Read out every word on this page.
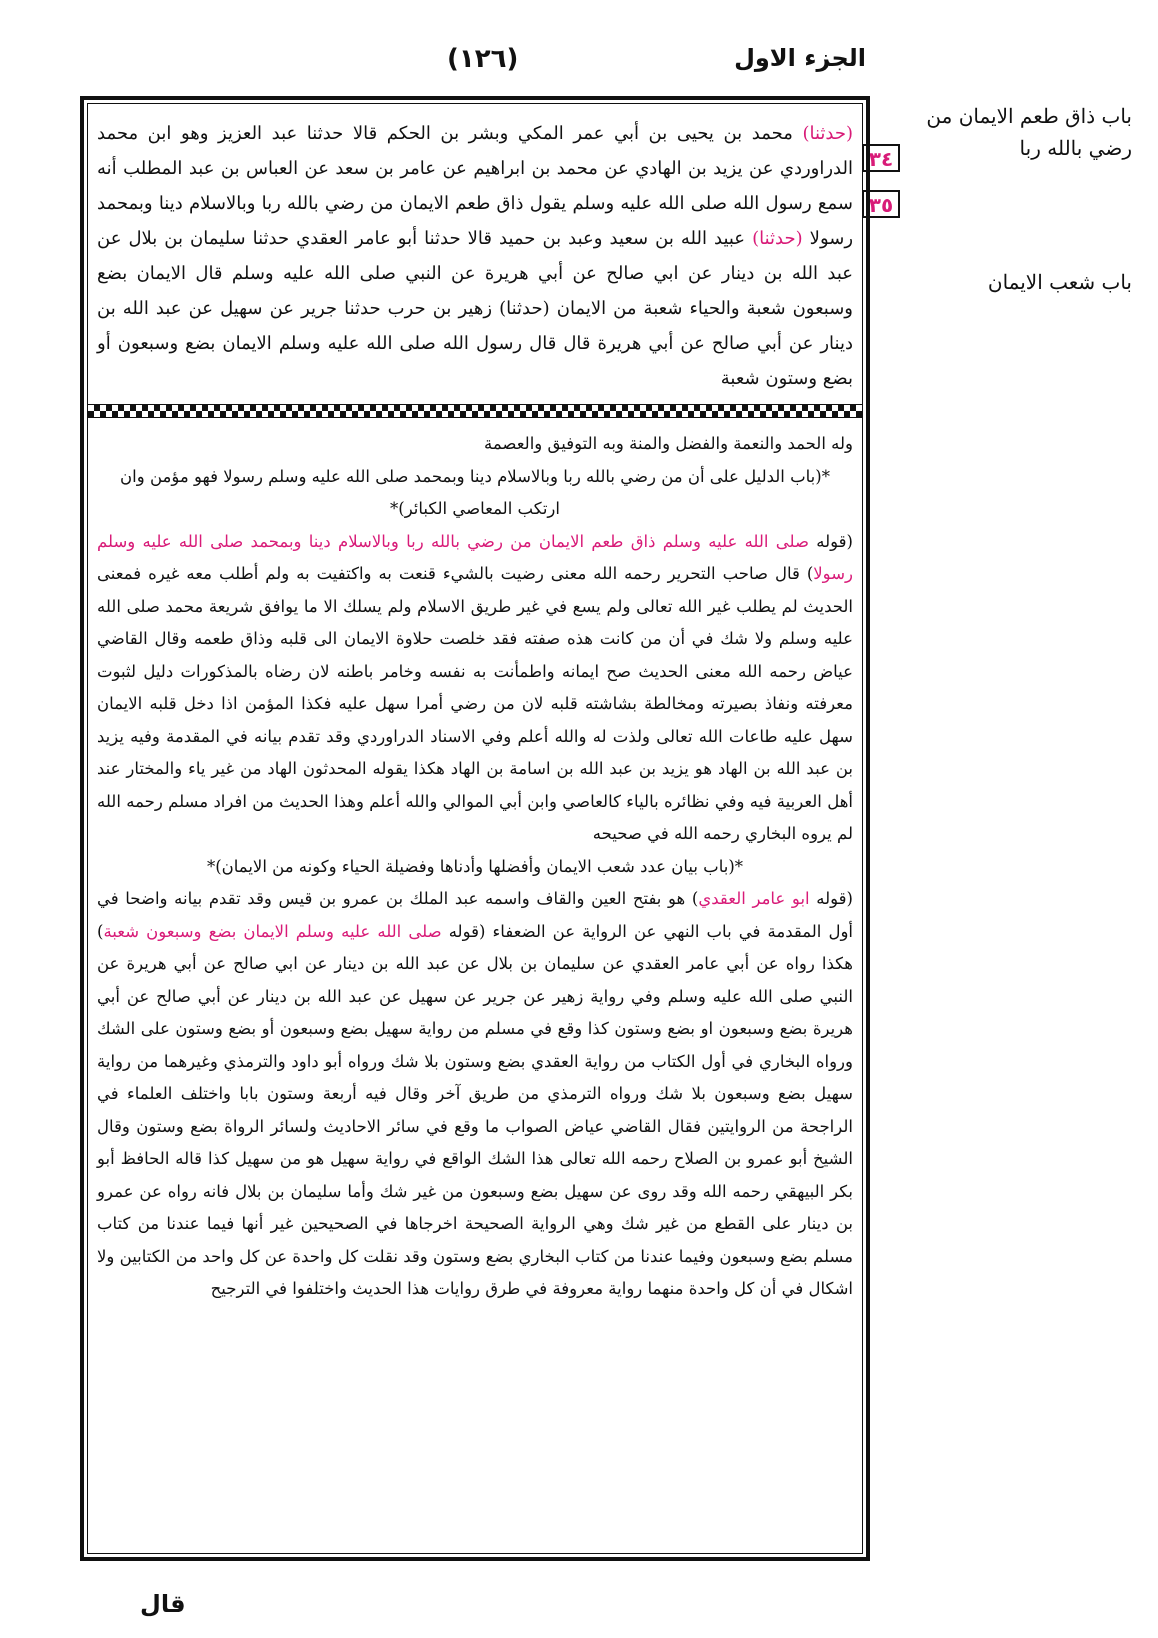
الجزء الاول
(١٢٦)
باب ذاق طعم الايمان من رضي بالله ربا
٣٤
٣٥
باب شعب الايمان
(حدثنا) محمد بن يحيى بن أبي عمر المكي وبشر بن الحكم قالا حدثنا عبد العزيز وهو ابن محمد الدراوردي عن يزيد بن الهادي عن محمد بن ابراهيم عن عامر بن سعد عن العباس بن عبد المطلب أنه سمع رسول الله صلى الله عليه وسلم يقول ذاق طعم الايمان من رضي بالله ربا وبالاسلام دينا وبمحمد رسولا (حدثنا) عبيد الله بن سعيد وعبد بن حميد قالا حدثنا أبو عامر العقدي حدثنا سليمان بن بلال عن عبد الله بن دينار عن ابي صالح عن أبي هريرة عن النبي صلى الله عليه وسلم قال الايمان بضع وسبعون شعبة والحياء شعبة من الايمان (حدثنا) زهير بن حرب حدثنا جرير عن سهيل عن عبد الله بن دينار عن أبي صالح عن أبي هريرة قال قال رسول الله صلى الله عليه وسلم الايمان بضع وسبعون أو بضع وستون شعبة
وله الحمد والنعمة والفضل والمنة وبه التوفيق والعصمة
*(باب الدليل على أن من رضي بالله ربا وبالاسلام دينا وبمحمد صلى الله عليه وسلم رسولا فهو مؤمن وان ارتكب المعاصي الكبائر)*
(قوله صلى الله عليه وسلم ذاق طعم الايمان من رضي بالله ربا وبالاسلام دينا وبمحمد صلى الله عليه وسلم رسولا) قال صاحب التحرير رحمه الله معنى رضيت بالشيء قنعت به واكتفيت به ولم أطلب معه غيره فمعنى الحديث لم يطلب غير الله تعالى ولم يسع في غير طريق الاسلام ولم يسلك الا ما يوافق شريعة محمد صلى الله عليه وسلم ولا شك في أن من كانت هذه صفته فقد خلصت حلاوة الايمان الى قلبه وذاق طعمه وقال القاضي عياض رحمه الله معنى الحديث صح ايمانه واطمأنت به نفسه وخامر باطنه لان رضاه بالمذكورات دليل لثبوت معرفته ونفاذ بصيرته ومخالطة بشاشته قلبه لان من رضي أمرا سهل عليه فكذا المؤمن اذا دخل قلبه الايمان سهل عليه طاعات الله تعالى ولذت له والله أعلم وفي الاسناد الدراوردي وقد تقدم بيانه في المقدمة وفيه يزيد بن عبد الله بن الهاد هو يزيد بن عبد الله بن اسامة بن الهاد هكذا يقوله المحدثون الهاد من غير ياء والمختار عند أهل العربية فيه وفي نظائره بالياء كالعاصي وابن أبي الموالي والله أعلم وهذا الحديث من افراد مسلم رحمه الله لم يروه البخاري رحمه الله في صحيحه
*(باب بيان عدد شعب الايمان وأفضلها وأدناها وفضيلة الحياء وكونه من الايمان)*
(قوله ابو عامر العقدي) هو بفتح العين والقاف واسمه عبد الملك بن عمرو بن قيس وقد تقدم بيانه واضحا في أول المقدمة في باب النهي عن الرواية عن الضعفاء (قوله صلى الله عليه وسلم الايمان بضع وسبعون شعبة) هكذا رواه عن أبي عامر العقدي عن سليمان بن بلال عن عبد الله بن دينار عن ابي صالح عن أبي هريرة عن النبي صلى الله عليه وسلم وفي رواية زهير عن جرير عن سهيل عن عبد الله بن دينار عن أبي صالح عن أبي هريرة بضع وسبعون او بضع وستون كذا وقع في مسلم من رواية سهيل بضع وسبعون أو بضع وستون على الشك ورواه البخاري في أول الكتاب من رواية العقدي بضع وستون بلا شك ورواه أبو داود والترمذي وغيرهما من رواية سهيل بضع وسبعون بلا شك ورواه الترمذي من طريق آخر وقال فيه أربعة وستون بابا واختلف العلماء في الراجحة من الروايتين فقال القاضي عياض الصواب ما وقع في سائر الاحاديث ولسائر الرواة بضع وستون وقال الشيخ أبو عمرو بن الصلاح رحمه الله تعالى هذا الشك الواقع في رواية سهيل هو من سهيل كذا قاله الحافظ أبو بكر البيهقي رحمه الله وقد روى عن سهيل بضع وسبعون من غير شك وأما سليمان بن بلال فانه رواه عن عمرو بن دينار على القطع من غير شك وهي الرواية الصحيحة اخرجاها في الصحيحين غير أنها فيما عندنا من كتاب مسلم بضع وسبعون وفيما عندنا من كتاب البخاري بضع وستون وقد نقلت كل واحدة عن كل واحد من الكتابين ولا اشكال في أن كل واحدة منهما رواية معروفة في طرق روايات هذا الحديث واختلفوا في الترجيح
قال
